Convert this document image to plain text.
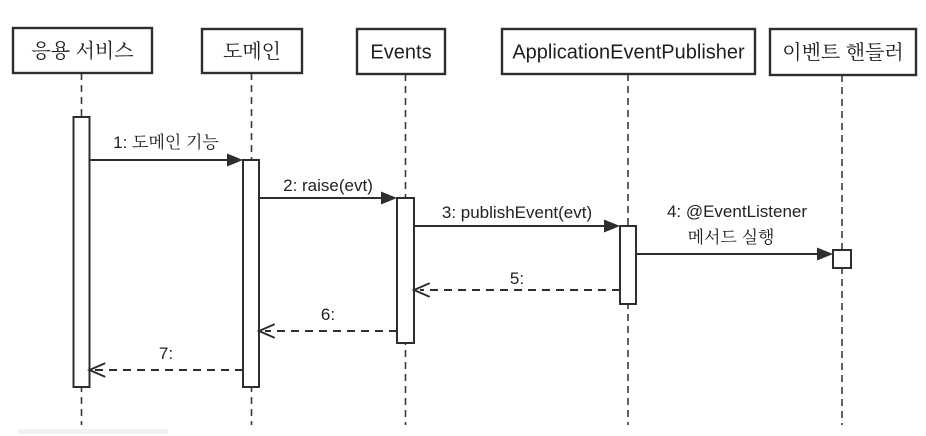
응용 서비스	도메인	Events	ApplicationEventPublisher 이벤트 핸들러
1: 도메인 기능
2: raise(evt)
3: publishEvent(evt)	4: @EventListener
메서드 실행
5:
6:
7:
